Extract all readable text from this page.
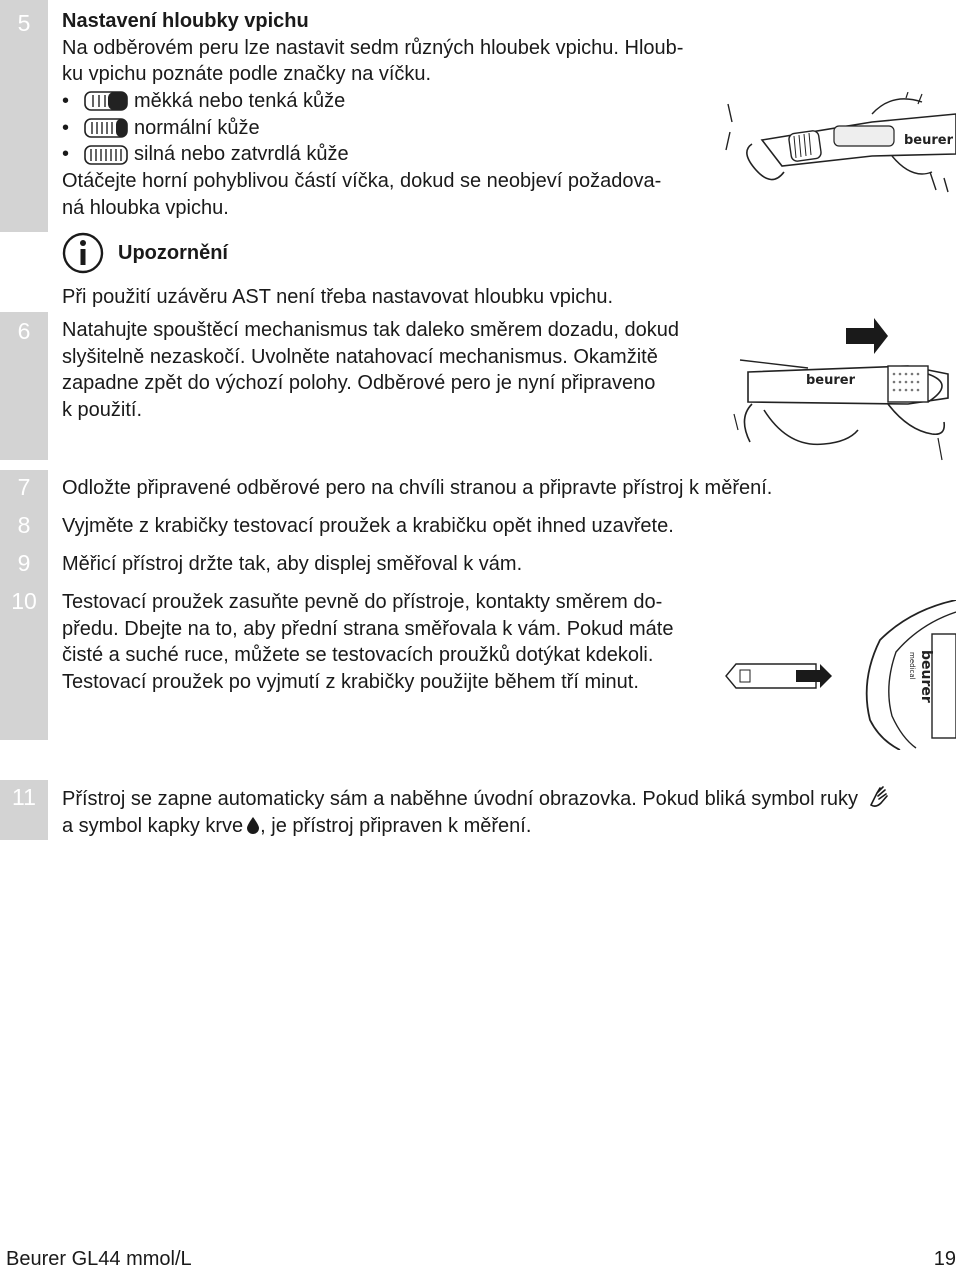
5
6
7
8
9
10
11
Nastavení hloubky vpichu
Na odběrovém peru lze nastavit sedm různých hloubek vpichu. Hloub-
ku vpichu poznáte podle značky na víčku.
•	měkká nebo tenká kůže
•	normální kůže
•	silná nebo zatvrdlá kůže
Otáčejte horní pohyblivou částí víčka, dokud se neobjeví požadova-
ná hloubka vpichu.
Upozornění
Při použití uzávěru AST není třeba nastavovat hloubku vpichu.
Natahujte spouštěcí mechanismus tak daleko směrem dozadu, dokud
slyšitelně nezaskočí. Uvolněte natahovací mechanismus. Okamžitě
zapadne zpět do výchozí polohy. Odběrové pero je nyní připraveno
k použití.
Odložte připravené odběrové pero na chvíli stranou a připravte přístroj k měření.
Vyjměte z krabičky testovací proužek a krabičku opět ihned uzavřete.
Měřicí přístroj držte tak, aby displej směřoval k vám.
Testovací proužek zasuňte pevně do přístroje, kontakty směrem do-
předu. Dbejte na to, aby přední strana směřovala k vám. Pokud máte
čisté a suché ruce, můžete se testovacích proužků dotýkat kdekoli.
Testovací proužek po vyjmutí z krabičky použijte během tří minut.
Přístroj se zapne automaticky sám a naběhne úvodní obrazovka. Pokud bliká symbol ruky
a symbol kapky krve , je přístroj připraven k měření.
beurer
beurer
beurer
medical
Beurer GL44 mmol/L	19
